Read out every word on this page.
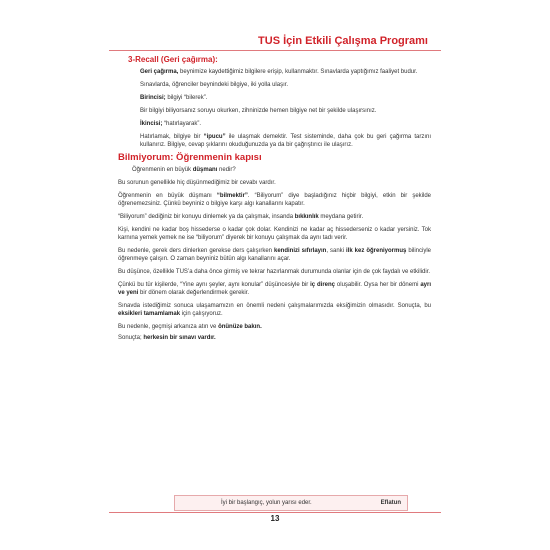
TUS İçin Etkili Çalışma Programı
3-Recall (Geri çağırma):

Geri çağırma, beynimize kaydettiğimiz bilgilere erişip, kullanmaktır. Sınavlarda yaptığımız faaliyet budur.

Sınavlarda, öğrenciler beynindeki bilgiye, iki yolla ulaşır.

Birincisi; bilgiyi “bilerek”.

Bir bilgiyi biliyorsanız soruyu okurken, zihninizde hemen bilgiye net bir şekilde ulaşırsınız.

İkincisi; “hatırlayarak”.

Hatırlamak, bilgiye bir “ipucu” ile ulaşmak demektir. Test sisteminde, daha çok bu geri çağırma tarzını kullanırız. Bilgiye, cevap şıklarını okuduğunuzda ya da bir çağrıştırıcı ile ulaşırız.

Bilmiyorum: Öğrenmenin kapısı

Öğrenmenin en büyük düşmanı nedir?

Bu sorunun genellikle hiç düşünmediğimiz bir cevabı vardır.

Öğrenmenin en büyük düşmanı “bilmektir”. “Biliyorum” diye başladığınız hiçbir bilgiyi, etkin bir şekilde öğrenemezsiniz. Çünkü beyniniz o bilgiye karşı algı kanallarını kapatır.

“Biliyorum” dediğiniz bir konuyu dinlemek ya da çalışmak, insanda bıkkınlık meydana getirir.

Kişi, kendini ne kadar boş hissederse o kadar çok dolar. Kendinizi ne kadar aç hissederseniz o kadar yersiniz. Tok karnına yemek yemek ne ise “biliyorum” diyerek bir konuyu çalışmak da aynı tadı verir.

Bu nedenle, gerek ders dinlerken gerekse ders çalışırken kendinizi sıfırlayın, sanki ilk kez öğreniyormuş bilinciyle öğrenmeye çalışın. O zaman beyniniz bütün algı kanallarını açar.

Bu düşünce, özellikle TUS’a daha önce girmiş ve tekrar hazırlanmak durumunda olanlar için de çok faydalı ve etkilidir.

Çünkü bu tür kişilerde, “Yine aynı şeyler, aynı konular” düşüncesiyle bir iç direnç oluşabilir. Oysa her bir dönemi ayrı ve yeni bir dönem olarak değerlendirmek gerekir.

Sınavda istediğimiz sonuca ulaşamamızın en önemli nedeni çalışmalarımızda eksiğimizin olmasıdır. Sonuçta, bu eksikleri tamamlamak için çalışıyoruz.

Bu nedenle, geçmişi arkanıza atın ve önünüze bakın.

Sonuçta; herkesin bir sınavı vardır.

İyi bir başlangıç, yolun yarısı eder.	Eflatun
13
